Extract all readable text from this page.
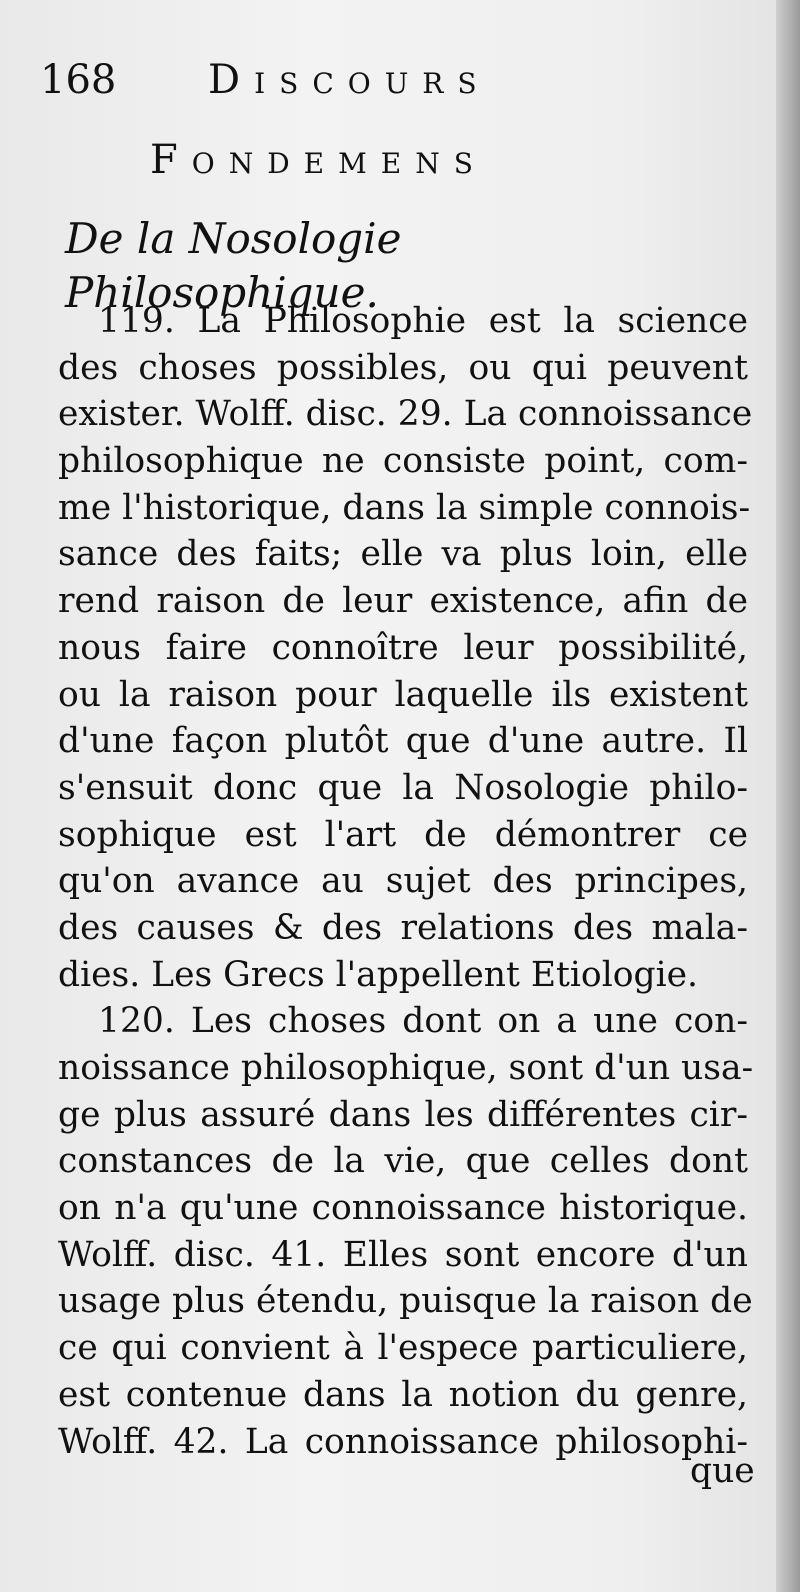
168 Discours
Fondemens
De la Nosologie Philosophique.
119. La Philosophie est la science
des choses possibles, ou qui peuvent
exister. Wolff. disc. 29. La connoissance
philosophique ne consiste point, com-
me l'historique, dans la simple connois-
sance des faits; elle va plus loin, elle
rend raison de leur existence, afin de
nous faire connoître leur possibilité,
ou la raison pour laquelle ils existent
d'une façon plutôt que d'une autre. Il
s'ensuit donc que la Nosologie philo-
sophique est l'art de démontrer ce
qu'on avance au sujet des principes,
des causes & des relations des mala-
dies. Les Grecs l'appellent Etiologie.
120. Les choses dont on a une con-
noissance philosophique, sont d'un usa-
ge plus assuré dans les différentes cir-
constances de la vie, que celles dont
on n'a qu'une connoissance historique.
Wolff. disc. 41. Elles sont encore d'un
usage plus étendu, puisque la raison de
ce qui convient à l'espece particuliere,
est contenue dans la notion du genre,
Wolff. 42. La connoissance philosophi-
que
